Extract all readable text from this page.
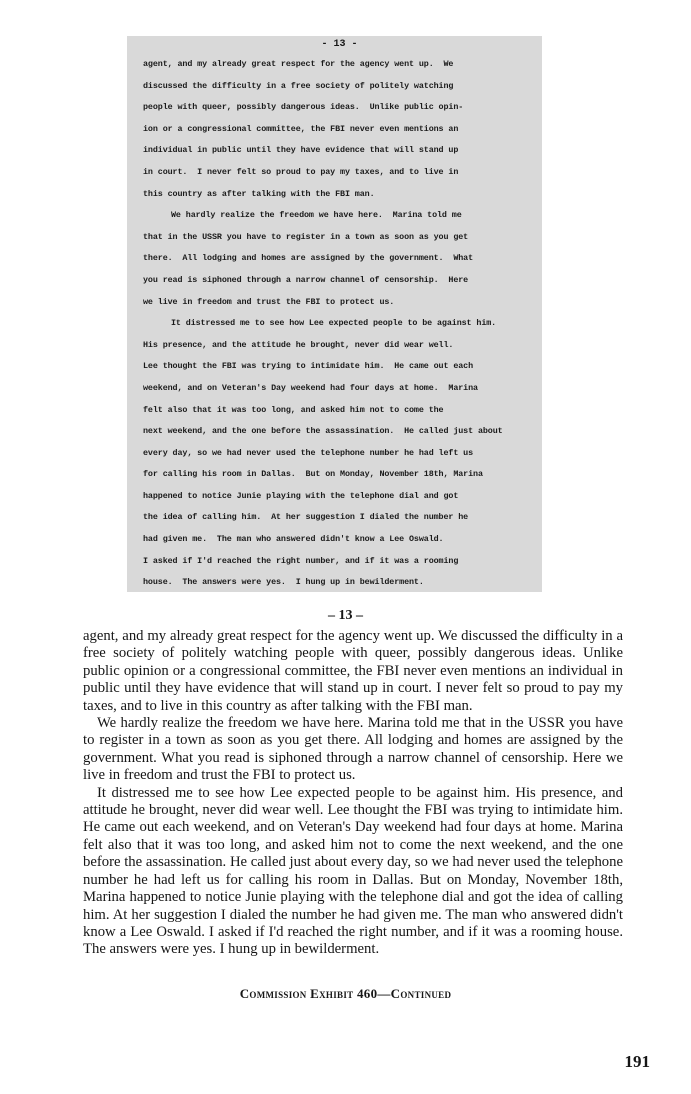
- 13 -
agent, and my already great respect for the agency went up.  We
discussed the difficulty in a free society of politely watching
people with queer, possibly dangerous ideas.  Unlike public opin-
ion or a congressional committee, the FBI never even mentions an
individual in public until they have evidence that will stand up
in court.  I never felt so proud to pay my taxes, and to live in
this country as after talking with the FBI man.
We hardly realize the freedom we have here.  Marina told me
that in the USSR you have to register in a town as soon as you get
there.  All lodging and homes are assigned by the government.  What
you read is siphoned through a narrow channel of censorship.  Here
we live in freedom and trust the FBI to protect us.
It distressed me to see how Lee expected people to be against him.
His presence, and the attitude he brought, never did wear well.
Lee thought the FBI was trying to intimidate him.  He came out each
weekend, and on Veteran's Day weekend had four days at home.  Marina
felt also that it was too long, and asked him not to come the
next weekend, and the one before the assassination.  He called just about
every day, so we had never used the telephone number he had left us
for calling his room in Dallas.  But on Monday, November 18th, Marina
happened to notice Junie playing with the telephone dial and got
the idea of calling him.  At her suggestion I dialed the number he
had given me.  The man who answered didn't know a Lee Oswald.
I asked if I'd reached the right number, and if it was a rooming
house.  The answers were yes.  I hung up in bewilderment.
– 13 –

agent, and my already great respect for the agency went up. We discussed the difficulty in a free society of politely watching people with queer, possibly dangerous ideas. Unlike public opinion or a congressional committee, the FBI never even mentions an individual in public until they have evidence that will stand up in court. I never felt so proud to pay my taxes, and to live in this country as after talking with the FBI man.

We hardly realize the freedom we have here. Marina told me that in the USSR you have to register in a town as soon as you get there. All lodging and homes are assigned by the government. What you read is siphoned through a narrow channel of censorship. Here we live in freedom and trust the FBI to protect us.

It distressed me to see how Lee expected people to be against him. His presence, and attitude he brought, never did wear well. Lee thought the FBI was trying to intimidate him. He came out each weekend, and on Veteran's Day weekend had four days at home. Marina felt also that it was too long, and asked him not to come the next weekend, and the one before the assassination. He called just about every day, so we had never used the telephone number he had left us for calling his room in Dallas. But on Monday, November 18th, Marina happened to notice Junie playing with the telephone dial and got the idea of calling him. At her suggestion I dialed the number he had given me. The man who answered didn't know a Lee Oswald. I asked if I'd reached the right number, and if it was a rooming house. The answers were yes. I hung up in bewilderment.

Commission Exhibit 460—Continued
191
